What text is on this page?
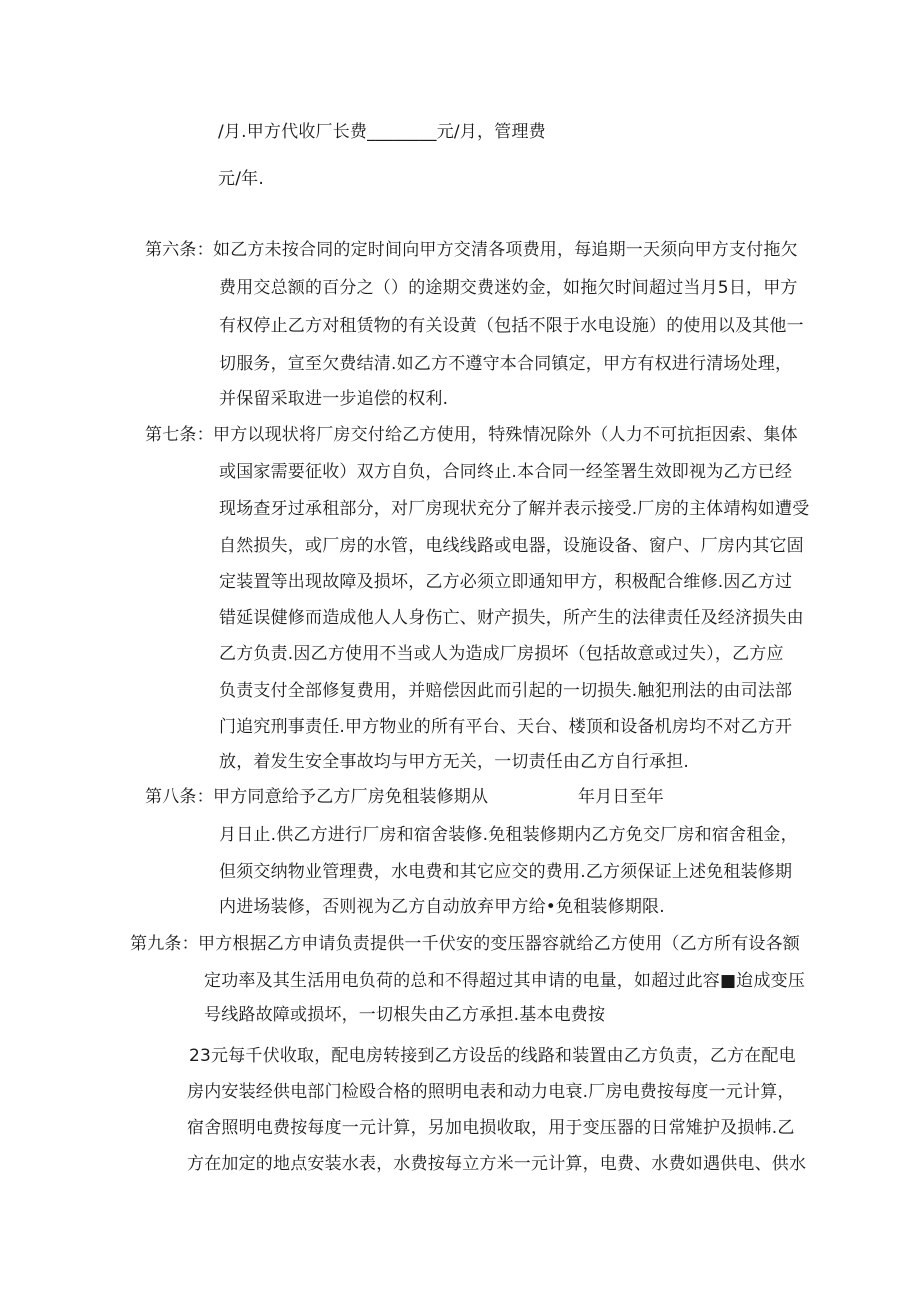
/月.甲方代收厂长费________元/月，管理费
元/年.
第六条： 如乙方未按合同的定时间向甲方交清各项费用，每追期一天须向甲方支付拖欠
费用交总额的百分之（）的途期交费迷妁金，如拖欠时间超过当月5日，甲方
有权停止乙方对租赁物的有关设黄（包括不限于水电设施）的使用以及其他一
切服务，宣至欠费结清.如乙方不遵守本合同镇定，甲方有权进行清场处理，
并保留采取进一步追偿的权利.
第七条： 甲方以现状将厂房交付给乙方使用，特殊情况除外（人力不可抗拒因索、集体
或国家需要征收）双方自负，合同终止.本合同一经筌署生效即视为乙方已经
现场查牙过承租部分，对厂房现状充分了解并表示接受.厂房的主体靖构如遭受
自然损失，或厂房的水管，电线线路或电器，设施设备、窗户、厂房内其它固
定装置等出现故障及损坏，乙方必须立即通知甲方，积极配合维修.因乙方过
错延误健修而造成他人人身伤亡、财产损失，所产生的法律责任及经济损失由
乙方负责.因乙方使用不当或人为造成厂房损坏（包括故意或过失），乙方应
负责支付全部修复费用，并赔偿因此而引起的一切损失.触犯刑法的由司法部
门追究刑事责任.甲方物业的所有平台、天台、楼顶和设备机房均不对乙方开
放，着发生安全事故均与甲方无关，一切责任由乙方自行承担.
第八条： 甲方同意给予乙方厂房免租装修期从	年月日至年
月日止.供乙方进行厂房和宿舍装修.免租装修期内乙方免交厂房和宿舍租金，
但须交纳物业管理费，水电费和其它应交的费用.乙方须保证上述免租装修期
内进场装修，否则视为乙方自动放弃甲方给•免租装修期限.
第九条： 甲方根据乙方申请负责提供一千伏安的变压器容就给乙方使用（乙方所有设各额
定功率及其生活用电负荷的总和不得超过其申请的电量，如超过此容■迨成变压
号线路故障或损坏，一切根失由乙方承担.基本电费按
23元每千伏收取，配电房转接到乙方设岳的线路和装置由乙方负责，乙方在配电
房内安装经供电部门检殴合格的照明电表和动力电衰.厂房电费按每度一元计算，
宿舍照明电费按每度一元计算，另加电损收取，用于变压器的日常雉护及损帏.乙
方在加定的地点安装水表，水费按每立方米一元计算，电费、水费如遇供电、供水
